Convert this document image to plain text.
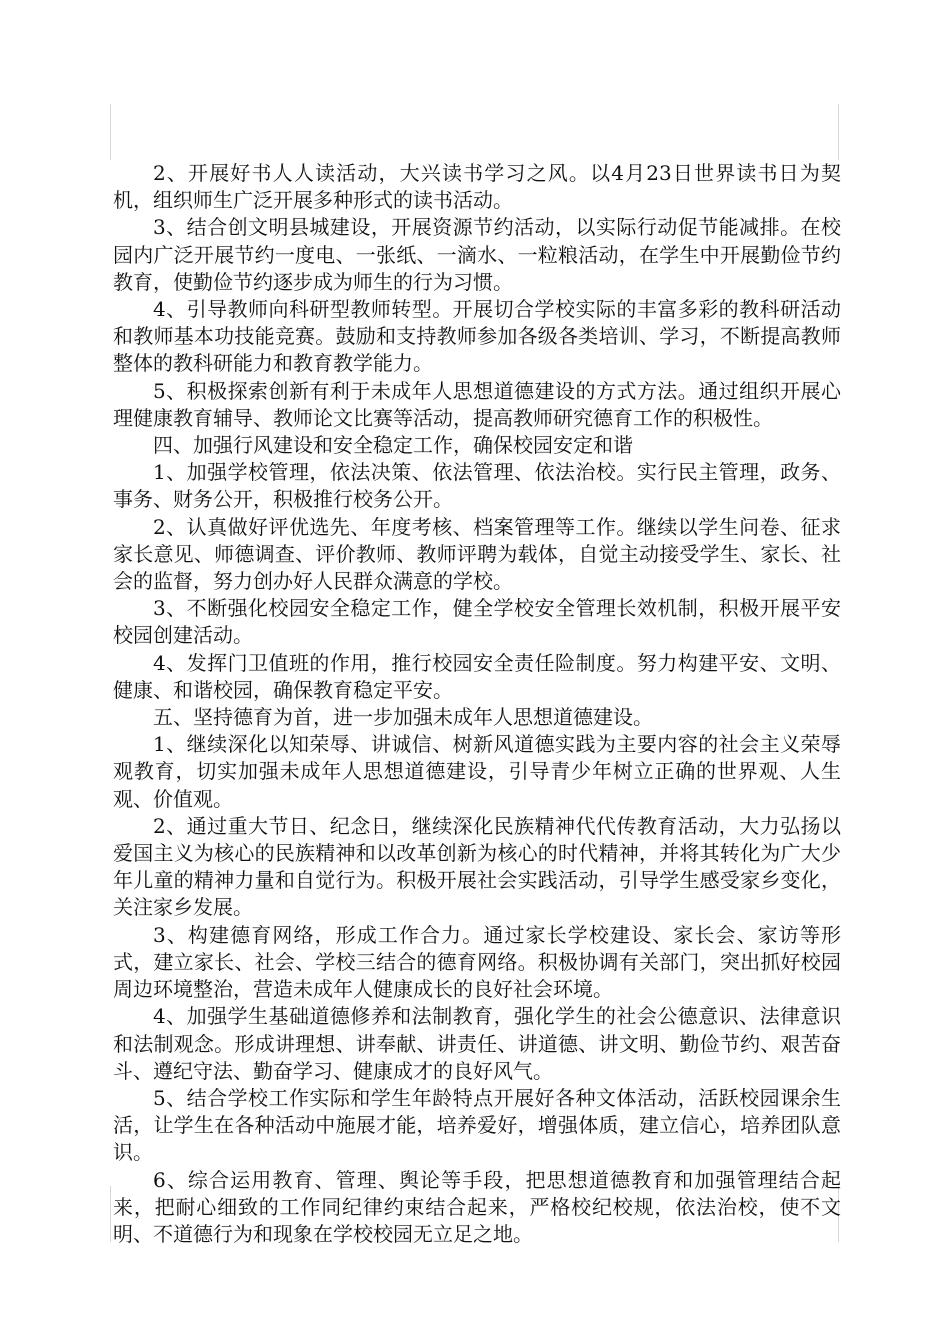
2、开展好书人人读活动，大兴读书学习之风。以4月23日世界读书日为契机，组织师生广泛开展多种形式的读书活动。

3、结合创文明县城建设，开展资源节约活动，以实际行动促节能减排。在校园内广泛开展节约一度电、一张纸、一滴水、一粒粮活动，在学生中开展勤俭节约教育，使勤俭节约逐步成为师生的行为习惯。

4、引导教师向科研型教师转型。开展切合学校实际的丰富多彩的教科研活动和教师基本功技能竞赛。鼓励和支持教师参加各级各类培训、学习，不断提高教师整体的教科研能力和教育教学能力。

5、积极探索创新有利于未成年人思想道德建设的方式方法。通过组织开展心理健康教育辅导、教师论文比赛等活动，提高教师研究德育工作的积极性。

四、加强行风建设和安全稳定工作，确保校园安定和谐

1、加强学校管理，依法决策、依法管理、依法治校。实行民主管理，政务、事务、财务公开，积极推行校务公开。

2、认真做好评优选先、年度考核、档案管理等工作。继续以学生问卷、征求家长意见、师德调查、评价教师、教师评聘为载体，自觉主动接受学生、家长、社会的监督，努力创办好人民群众满意的学校。

3、不断强化校园安全稳定工作，健全学校安全管理长效机制，积极开展平安校园创建活动。

4、发挥门卫值班的作用，推行校园安全责任险制度。努力构建平安、文明、健康、和谐校园，确保教育稳定平安。

五、坚持德育为首，进一步加强未成年人思想道德建设。

1、继续深化以知荣辱、讲诚信、树新风道德实践为主要内容的社会主义荣辱观教育，切实加强未成年人思想道德建设，引导青少年树立正确的世界观、人生观、价值观。

2、通过重大节日、纪念日，继续深化民族精神代代传教育活动，大力弘扬以爱国主义为核心的民族精神和以改革创新为核心的时代精神，并将其转化为广大少年儿童的精神力量和自觉行为。积极开展社会实践活动，引导学生感受家乡变化，关注家乡发展。

3、构建德育网络，形成工作合力。通过家长学校建设、家长会、家访等形式，建立家长、社会、学校三结合的德育网络。积极协调有关部门，突出抓好校园周边环境整治，营造未成年人健康成长的良好社会环境。

4、加强学生基础道德修养和法制教育，强化学生的社会公德意识、法律意识和法制观念。形成讲理想、讲奉献、讲责任、讲道德、讲文明、勤俭节约、艰苦奋斗、遵纪守法、勤奋学习、健康成才的良好风气。

5、结合学校工作实际和学生年龄特点开展好各种文体活动，活跃校园课余生活，让学生在各种活动中施展才能，培养爱好，增强体质，建立信心，培养团队意识。

6、综合运用教育、管理、舆论等手段，把思想道德教育和加强管理结合起来，把耐心细致的工作同纪律约束结合起来，严格校纪校规，依法治校，使不文明、不道德行为和现象在学校校园无立足之地。
